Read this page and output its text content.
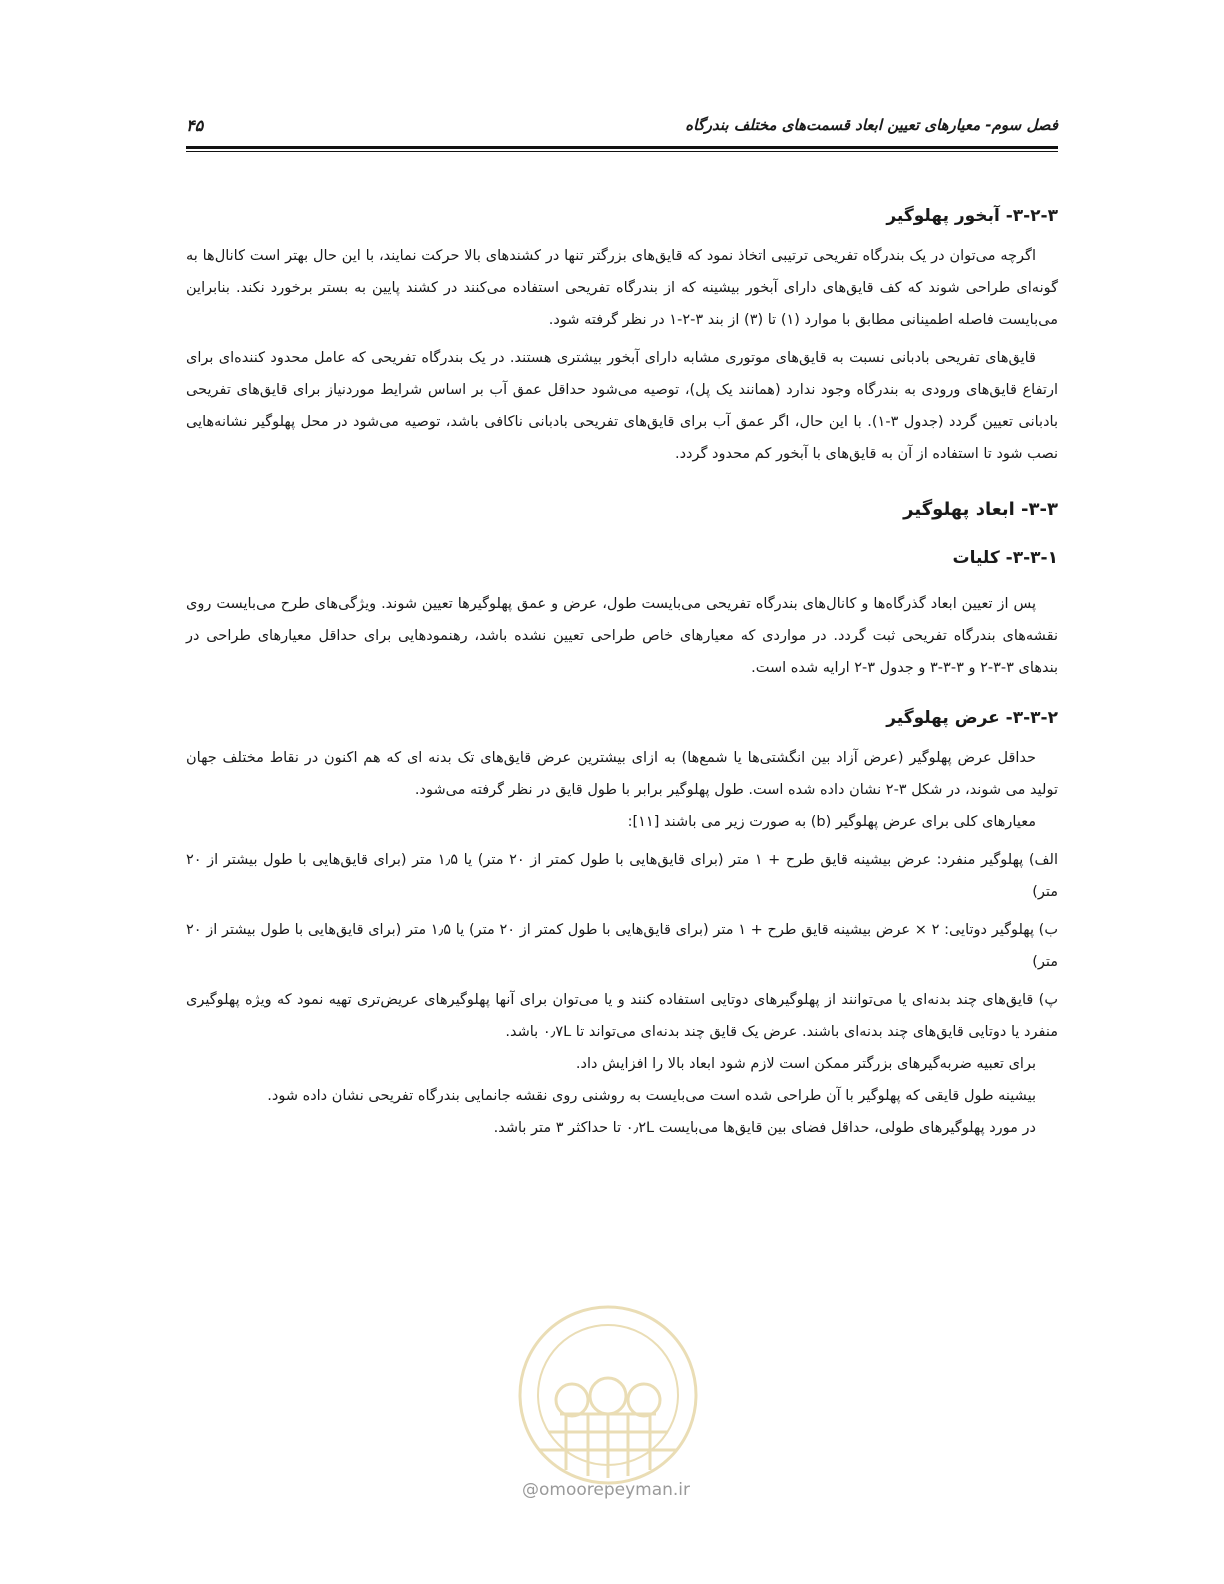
فصل سوم- معیارهای تعیین ابعاد قسمت‌های مختلف بندرگاه
۴۵
۳-۲-۳- آبخور پهلوگیر

اگرچه می‌توان در یک بندرگاه تفریحی ترتیبی اتخاذ نمود که قایق‌های بزرگتر تنها در کشندهای بالا حرکت نمایند، با این حال بهتر است کانال‌ها به گونه‌ای طراحی شوند که کف قایق‌های دارای آبخور بیشینه که از بندرگاه تفریحی استفاده می‌کنند در کشند پایین به بستر برخورد نکند. بنابراین می‌بایست فاصله اطمینانی مطابق با موارد (۱) تا (۳) از بند ۳-۲-۱ در نظر گرفته شود.

قایق‌های تفریحی بادبانی نسبت به قایق‌های موتوری مشابه دارای آبخور بیشتری هستند. در یک بندرگاه تفریحی که عامل محدود کننده‌ای برای ارتفاع قایق‌های ورودی به بندرگاه وجود ندارد (همانند یک پل)، توصیه می‌شود حداقل عمق آب بر اساس شرایط موردنیاز برای قایق‌های تفریحی بادبانی تعیین گردد (جدول ۳-۱). با این حال، اگر عمق آب برای قایق‌های تفریحی بادبانی ناکافی باشد، توصیه می‌شود در محل پهلوگیر نشانه‌هایی نصب شود تا استفاده از آن به قایق‌های با آبخور کم محدود گردد.

۳-۳- ابعاد پهلوگیر
۳-۳-۱- کلیات

پس از تعیین ابعاد گذرگاه‌ها و کانال‌های بندرگاه تفریحی می‌بایست طول، عرض و عمق پهلوگیرها تعیین شوند. ویژگی‌های طرح می‌بایست روی نقشه‌های بندرگاه تفریحی ثبت گردد. در مواردی که معیارهای خاص طراحی تعیین نشده باشد، رهنمودهایی برای حداقل معیارهای طراحی در بندهای ۳-۳-۲ و ۳-۳-۳ و جدول ۳-۲ ارایه شده است.

۳-۳-۲- عرض پهلوگیر

حداقل عرض پهلوگیر (عرض آزاد بین انگشتی‌ها یا شمع‌ها) به ازای بیشترین عرض قایق‌های تک بدنه ای که هم اکنون در نقاط مختلف جهان تولید می شوند، در شکل ۳-۲ نشان داده شده است. طول پهلوگیر برابر با طول قایق در نظر گرفته می‌شود.

معیارهای کلی برای عرض پهلوگیر (b) به صورت زیر می باشند [۱۱]:

الف) پهلوگیر منفرد: عرض بیشینه قایق طرح + ۱ متر (برای قایق‌هایی با طول کمتر از ۲۰ متر) یا ۱٫۵ متر (برای قایق‌هایی با طول بیشتر از ۲۰ متر)

ب) پهلوگیر دوتایی: ۲ × عرض بیشینه قایق طرح + ۱ متر (برای قایق‌هایی با طول کمتر از ۲۰ متر) یا ۱٫۵ متر (برای قایق‌هایی با طول بیشتر از ۲۰ متر)

پ) قایق‌های چند بدنه‌ای یا می‌توانند از پهلوگیرهای دوتایی استفاده کنند و یا می‌توان برای آنها پهلوگیرهای عریض‌تری تهیه نمود که ویژه پهلوگیری منفرد یا دوتایی قایق‌های چند بدنه‌ای باشند. عرض یک قایق چند بدنه‌ای می‌تواند تا ۰٫۷L باشد.

برای تعبیه ضربه‌گیرهای بزرگتر ممکن است لازم شود ابعاد بالا را افزایش داد.

بیشینه طول قایقی که پهلوگیر با آن طراحی شده است می‌بایست به روشنی روی نقشه جانمایی بندرگاه تفریحی نشان داده شود.

در مورد پهلوگیرهای طولی، حداقل فضای بین قایق‌ها می‌بایست ۰٫۲L تا حداکثر ۳ متر باشد.

@omoorepeyman.ir
